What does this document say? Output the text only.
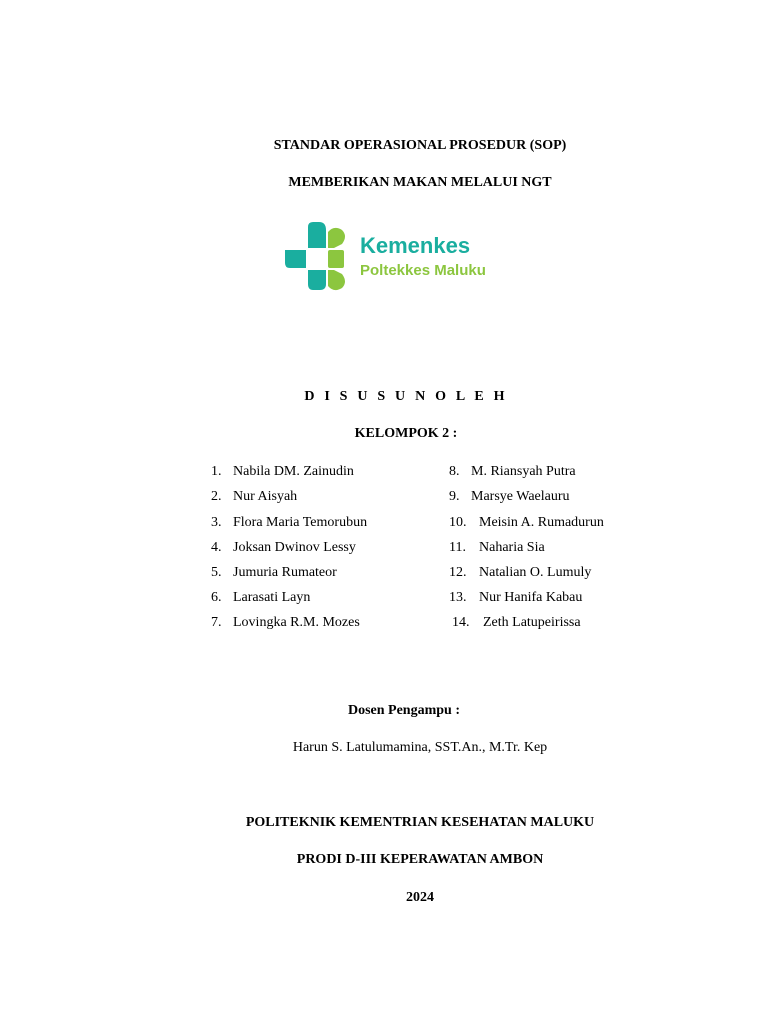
STANDAR OPERASIONAL PROSEDUR (SOP)
MEMBERIKAN MAKAN MELALUI NGT
Kemenkes
Poltekkes Maluku
D I S U S U N O L E H
KELOMPOK 2 :
1. Nabila DM. Zainudin
2. Nur Aisyah
3. Flora Maria Temorubun
4. Joksan Dwinov Lessy
5. Jumuria Rumateor
6. Larasati Layn
7. Lovingka R.M. Mozes
8. M. Riansyah Putra
9. Marsye Waelauru
10. Meisin A. Rumadurun
11. Naharia Sia
12. Natalian O. Lumuly
13. Nur Hanifa Kabau
14. Zeth Latupeirissa
Dosen Pengampu :
Harun S. Latulumamina, SST.An., M.Tr. Kep
POLITEKNIK KEMENTRIAN KESEHATAN MALUKU
PRODI D-III KEPERAWATAN AMBON
2024
